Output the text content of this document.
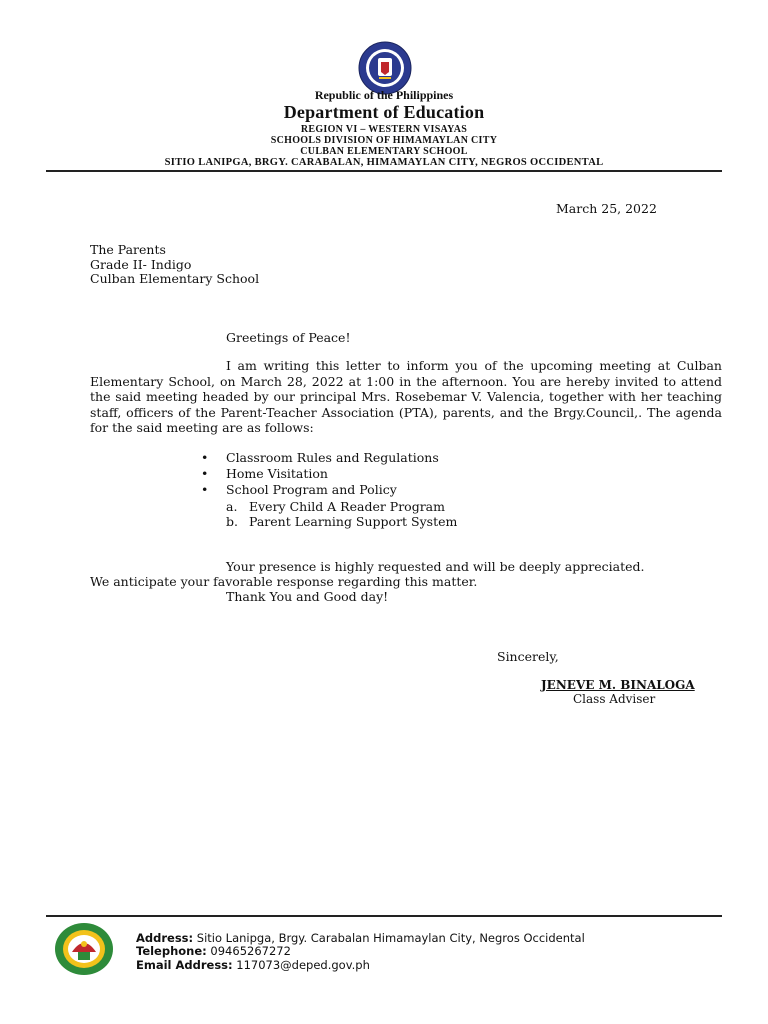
Republic of the Philippines
Department of Education
REGION VI – WESTERN VISAYAS
SCHOOLS DIVISION OF HIMAMAYLAN CITY
CULBAN ELEMENTARY SCHOOL
SITIO LANIPGA, BRGY. CARABALAN, HIMAMAYLAN CITY, NEGROS OCCIDENTAL
March 25, 2022
The Parents
Grade II- Indigo
Culban Elementary School
Greetings of Peace!
I am writing this letter to inform you of the upcoming meeting at Culban Elementary School, on March 28, 2022 at 1:00 in the afternoon. You are hereby invited to attend the said meeting headed by our principal Mrs. Rosebemar V. Valencia, together with her teaching staff, officers of the Parent-Teacher Association (PTA), parents, and the Brgy.Council,. The agenda for the said meeting are as follows:
• Classroom Rules and Regulations
• Home Visitation
• School Program and Policy
a. Every Child A Reader Program
b. Parent Learning Support System
Your presence is highly requested and will be deeply appreciated.
We anticipate your favorable response regarding this matter.
Thank You and Good day!
Sincerely,
JENEVE M. BINALOGA
Class Adviser
Address: Sitio Lanipga, Brgy. Carabalan Himamaylan City, Negros Occidental
Telephone: 09465267272
Email Address: 117073@deped.gov.ph
